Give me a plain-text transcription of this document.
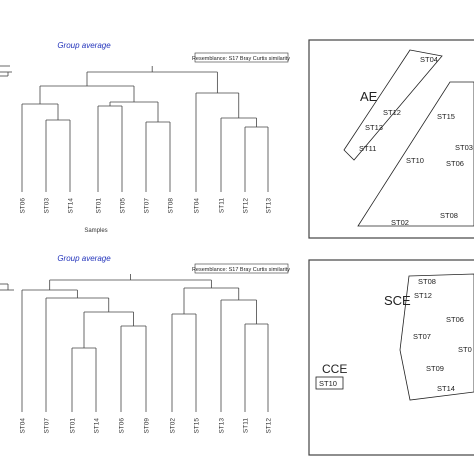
Group average
Resemblance: S17 Bray Curtis similarity
ST06	ST03	ST14	ST01	ST05	ST07	ST08	ST04	ST11	ST12 ST13
Samples
Group average
Resemblance: S17 Bray Curtis similarity
ST04	ST07	ST01	ST14	ST06	ST09	ST02	ST15	ST13	ST11 ST12
AE
ST04
ST12
ST13
ST11
ST15
ST03
ST10	ST06
ST08
ST02
SCE
CCE
ST08
ST12
ST06
ST07
ST0
ST09
ST14
ST10
